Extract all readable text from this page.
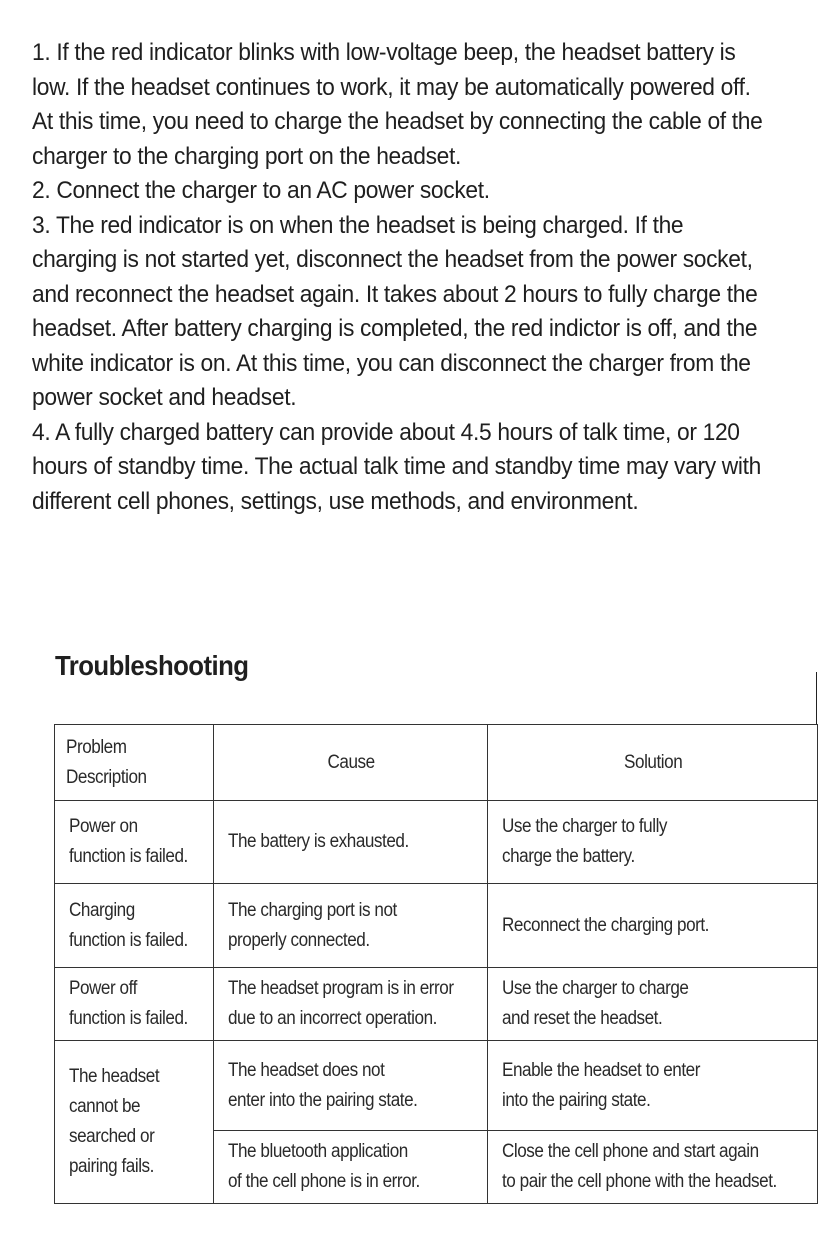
1. If the red indicator blinks with low-voltage beep, the headset battery is low. If the headset continues to work, it may be automatically powered off. At this time, you need to charge the headset by connecting the cable of the charger to the charging port on the headset.

2. Connect the charger to an AC power socket.

3. The red indicator is on when the headset is being charged. If the charging is not started yet, disconnect the headset from the power socket, and reconnect the headset again. It takes about 2 hours to fully charge the headset. After battery charging is completed, the red indictor is off, and the white indicator is on. At this time, you can disconnect the charger from the power socket and headset.

4. A fully charged battery can provide about 4.5 hours of talk time, or 120 hours of standby time. The actual talk time and standby time may vary with different cell phones, settings, use methods, and environment.

Troubleshooting
Problem
Description	Cause	Solution

Power on
function is failed.	The battery is exhausted.	Use the charger to fully
charge the battery.

Charging
function is failed.	The charging port is not
properly connected.	Reconnect the charging port.

Power off
function is failed.	The headset program is in error
due to an incorrect operation.	Use the charger to charge
and reset the headset.

The headset
cannot be
searched or
pairing fails.	The headset does not
enter into the pairing state.	Enable the headset to enter
into the pairing state.

	The bluetooth application
of the cell phone is in error.	Close the cell phone and start again
to pair the cell phone with the headset.
